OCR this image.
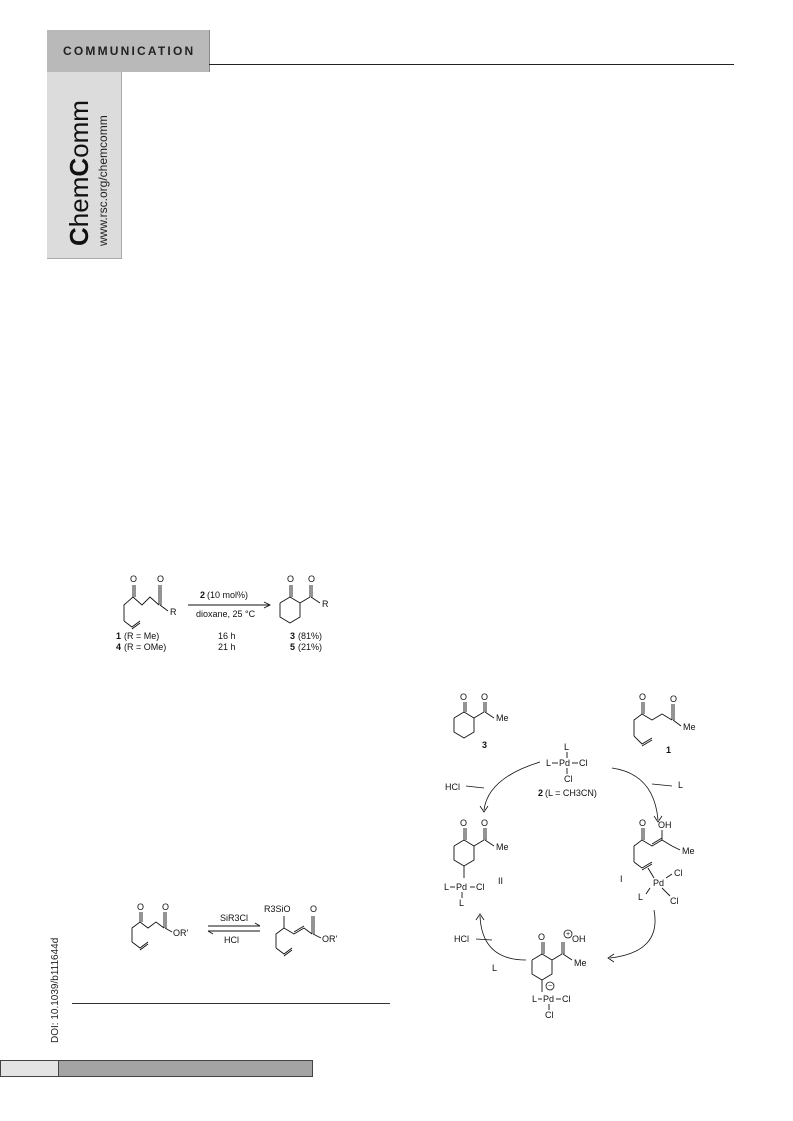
COMMUNICATION
ChemComm www.rsc.org/chemcomm
DOI: 10.1039/b111644d
O O
R
2 (10 mol%)
dioxane, 25 °C
O O
R
1 (R = Me)	16 h	3 (81%)
4 (R = OMe)	21 h	5 (21%)
O O
OR'
SiR3Cl
HCl
R3SiO O
OR'
O O
Me
3	L
L Pd Cl
Cl
2 (L = CH3CN)
O	O
Me
1
HCl	L
O OH
Me
I	Pd
Cl
Cl
L
O	+ OH
Me
−
L Pd Cl
Cl
HCl
L
O O
Me
II
L Pd Cl
L
